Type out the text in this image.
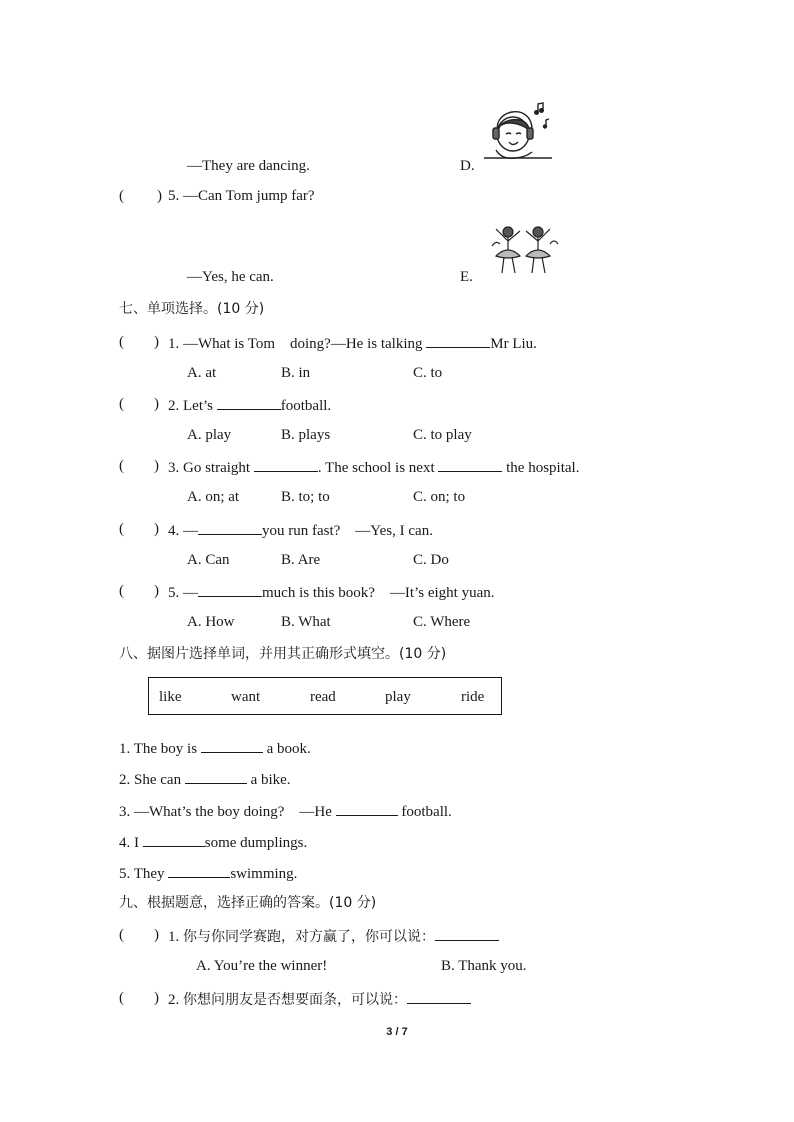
—They are dancing.	D.
( ) 5. —Can Tom jump far?
—Yes, he can.	E.
七、单项选择。(10 分)
(        ) 1. —What is Tom　doing?—He is talking	Mr Liu.
A. at	B. in	C. to
(        ) 2. Let’s	football.
A. play	B. plays	C. to play
(        ) 3. Go straight	. The school is next	the hospital.
A. on; at	B. to; to	C. on; to
(        ) 4. —	you run fast?　—Yes, I can.
A. Can	B. Are	C. Do
(        ) 5. —	much is this book?　—It’s eight yuan.
A. How	B. What	C. Where
八、据图片选择单词，并用其正确形式填空。(10 分)
like	want	read	play	ride
1. The boy is	a book.
2. She can	a bike.
3. —What’s the boy doing?　—He	football.
4. I	some dumplings.
5. They	swimming.
九、根据题意，选择正确的答案。(10 分)
(        ) 1. 你与你同学赛跑，对方赢了，你可以说：
A. You’re the winner!	B. Thank you.
(        ) 2. 你想问朋友是否想要面条，可以说：
3 / 7
